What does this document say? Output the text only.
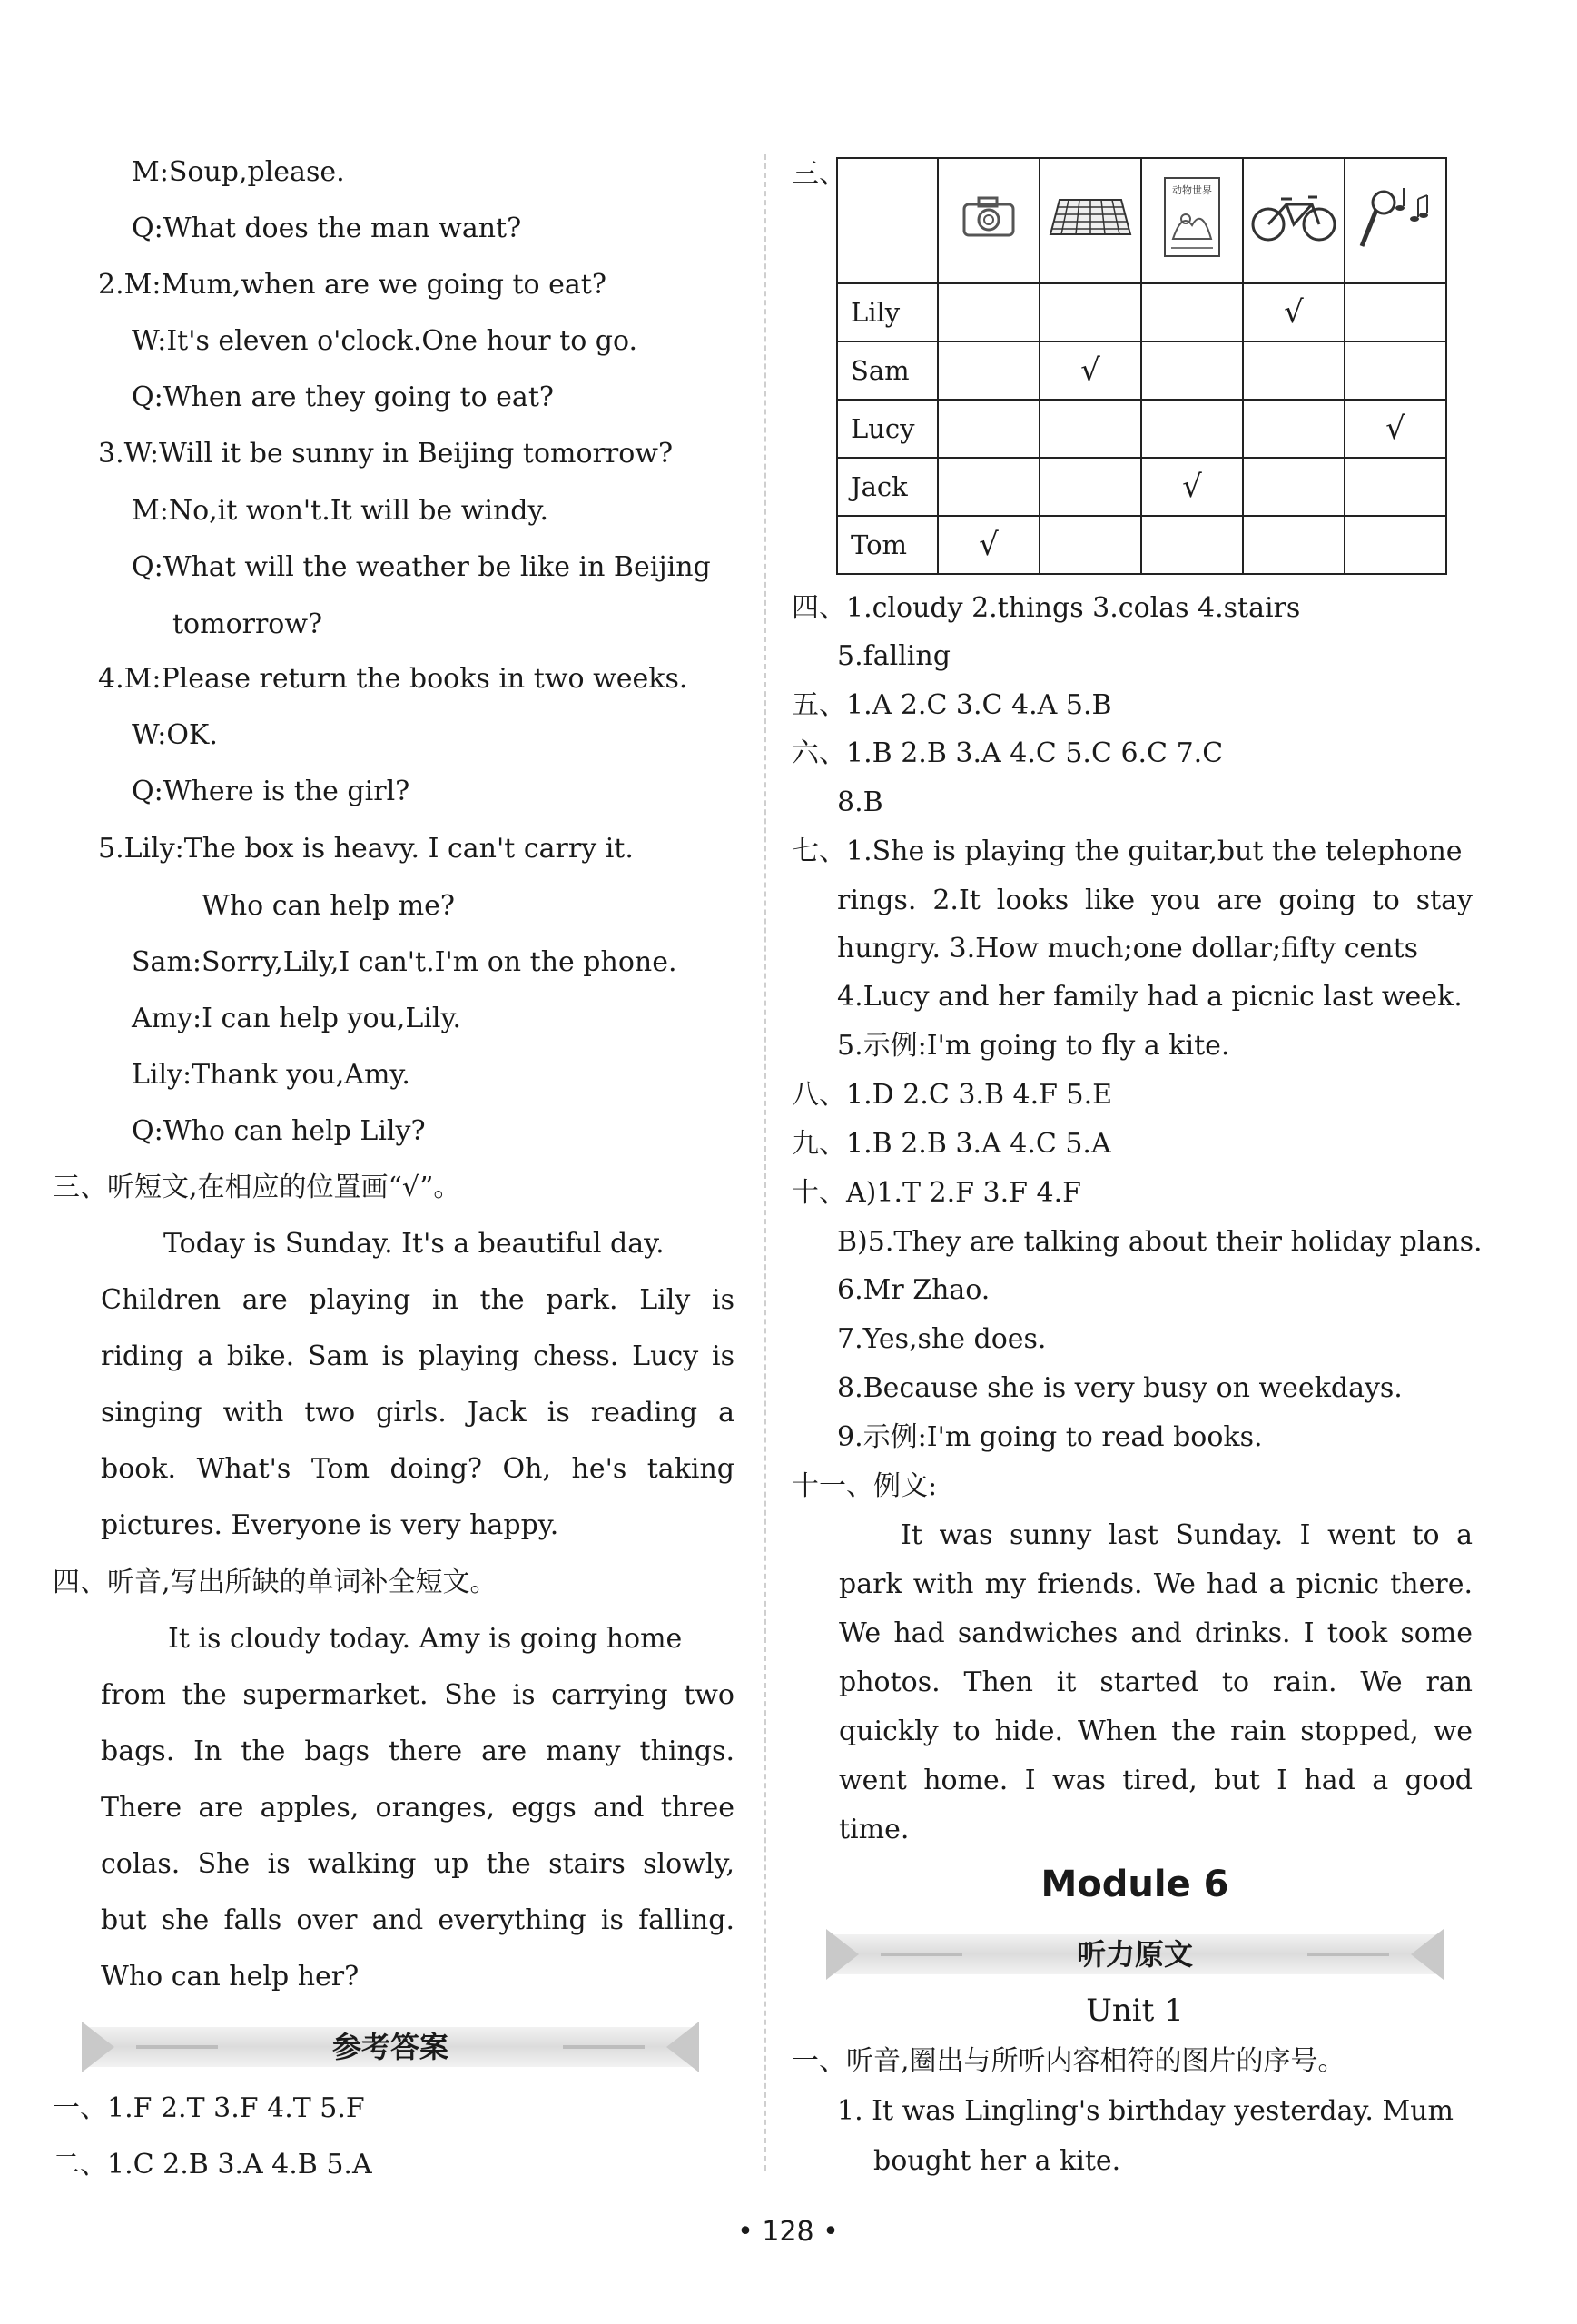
M:Soup,please.
Q:What does the man want?
2.M:Mum,when are we going to eat?
W:It's eleven o'clock.One hour to go.
Q:When are they going to eat?
3.W:Will it be sunny in Beijing tomorrow?
M:No,it won't.It will be windy.
Q:What will the weather be like in Beijing
tomorrow?
4.M:Please return the books in two weeks.
W:OK.
Q:Where is the girl?
5.Lily:The box is heavy. I can't carry it.
Who can help me?
Sam:Sorry,Lily,I can't.I'm on the phone.
Amy:I can help you,Lily.
Lily:Thank you,Amy.
Q:Who can help Lily?
三、听短文,在相应的位置画“√”。
Today is Sunday. It's a beautiful day.
Children are playing in the park. Lily is
riding a bike. Sam is playing chess. Lucy is
singing with two girls. Jack is reading a
book. What's Tom doing? Oh, he's taking
pictures. Everyone is very happy.
四、听音,写出所缺的单词补全短文。
It is cloudy today. Amy is going home
from the supermarket. She is carrying two
bags. In the bags there are many things.
There are apples, oranges, eggs and three
colas. She is walking up the stairs slowly,
but she falls over and everything is falling.
Who can help her?
参考答案
一、1.F 2.T 3.F 4.T 5.F
二、1.C 2.B 3.A 4.B 5.A
三、
				动物世界

Lily				√	
Sam		√			
Lucy					√
Jack			√		
Tom	√				
四、1.cloudy 2.things 3.colas 4.stairs
5.falling
五、1.A 2.C 3.C 4.A 5.B
六、1.B 2.B 3.A 4.C 5.C 6.C 7.C
8.B
七、1.She is playing the guitar,but the telephone
rings. 2.It looks like you are going to stay
hungry. 3.How much;one dollar;fifty cents
4.Lucy and her family had a picnic last week.
5.示例:I'm going to fly a kite.
八、1.D 2.C 3.B 4.F 5.E
九、1.B 2.B 3.A 4.C 5.A
十、A)1.T 2.F 3.F 4.F
B)5.They are talking about their holiday plans.
6.Mr Zhao.
7.Yes,she does.
8.Because she is very busy on weekdays.
9.示例:I'm going to read books.
十一、例文:
It was sunny last Sunday. I went to a
park with my friends. We had a picnic there.
We had sandwiches and drinks. I took some
photos. Then it started to rain. We ran
quickly to hide. When the rain stopped, we
went home. I was tired, but I had a good
time.
Module 6
听力原文
Unit 1
一、听音,圈出与所听内容相符的图片的序号。
1. It was Lingling's birthday yesterday. Mum
bought her a kite.
• 128 •
